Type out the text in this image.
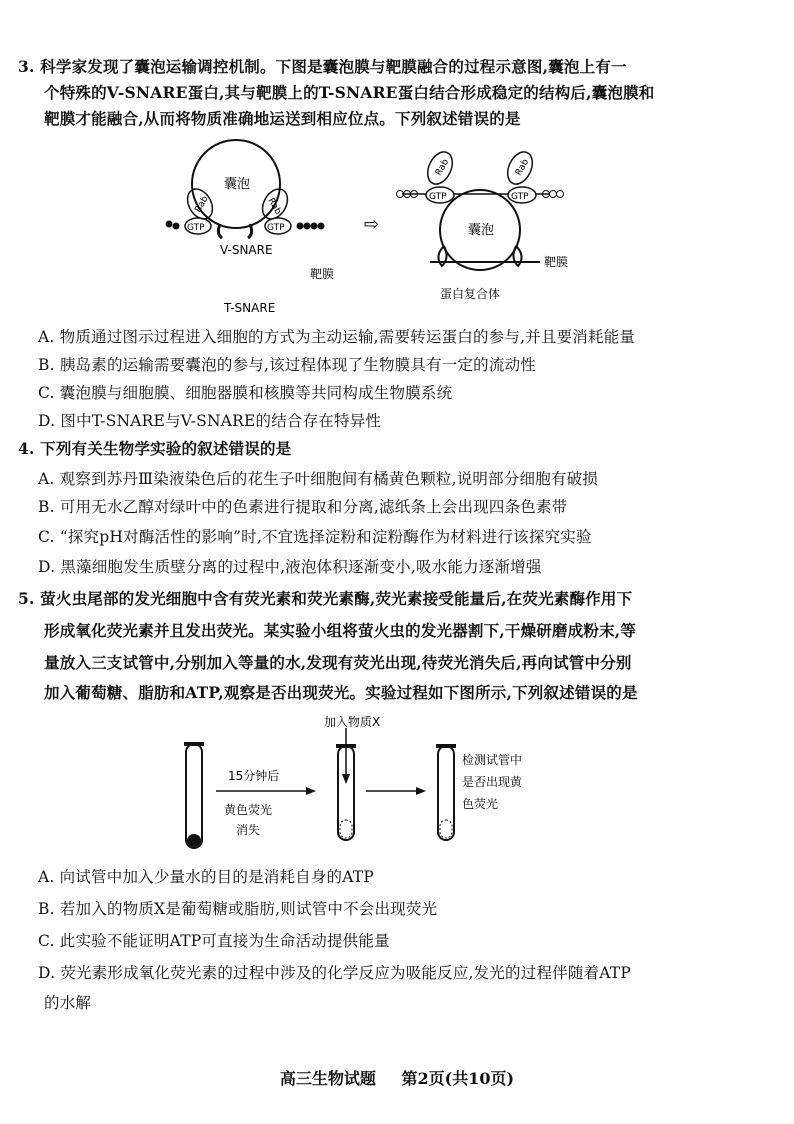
3. 科学家发现了囊泡运输调控机制。下图是囊泡膜与靶膜融合的过程示意图,囊泡上有一
个特殊的V-SNARE蛋白,其与靶膜上的T-SNARE蛋白结合形成稳定的结构后,囊泡膜和
靶膜才能融合,从而将物质准确地运送到相应位点。下列叙述错误的是
囊泡
Rab
GTP
Rab
GTP
V-SNARE
靶膜
T-SNARE
⇨
Rab
GTP
Rab
GTP
囊泡
靶膜
蛋白复合体
A. 物质通过图示过程进入细胞的方式为主动运输,需要转运蛋白的参与,并且要消耗能量
B. 胰岛素的运输需要囊泡的参与,该过程体现了生物膜具有一定的流动性
C. 囊泡膜与细胞膜、细胞器膜和核膜等共同构成生物膜系统
D. 图中T-SNARE与V-SNARE的结合存在特异性
4. 下列有关生物学实验的叙述错误的是
A. 观察到苏丹Ⅲ染液染色后的花生子叶细胞间有橘黄色颗粒,说明部分细胞有破损
B. 可用无水乙醇对绿叶中的色素进行提取和分离,滤纸条上会出现四条色素带
C. “探究pH对酶活性的影响”时,不宜选择淀粉和淀粉酶作为材料进行该探究实验
D. 黑藻细胞发生质壁分离的过程中,液泡体积逐渐变小,吸水能力逐渐增强
5. 萤火虫尾部的发光细胞中含有荧光素和荧光素酶,荧光素接受能量后,在荧光素酶作用下
形成氧化荧光素并且发出荧光。某实验小组将萤火虫的发光器割下,干燥研磨成粉末,等
量放入三支试管中,分别加入等量的水,发现有荧光出现,待荧光消失后,再向试管中分别
加入葡萄糖、脂肪和ATP,观察是否出现荧光。实验过程如下图所示,下列叙述错误的是
15分钟后
黄色荧光
消失
加入物质X
检测试管中
是否出现黄
色荧光
A. 向试管中加入少量水的目的是消耗自身的ATP
B. 若加入的物质X是葡萄糖或脂肪,则试管中不会出现荧光
C. 此实验不能证明ATP可直接为生命活动提供能量
D. 荧光素形成氧化荧光素的过程中涉及的化学反应为吸能反应,发光的过程伴随着ATP
的水解
高三生物试题 第2页(共10页)
